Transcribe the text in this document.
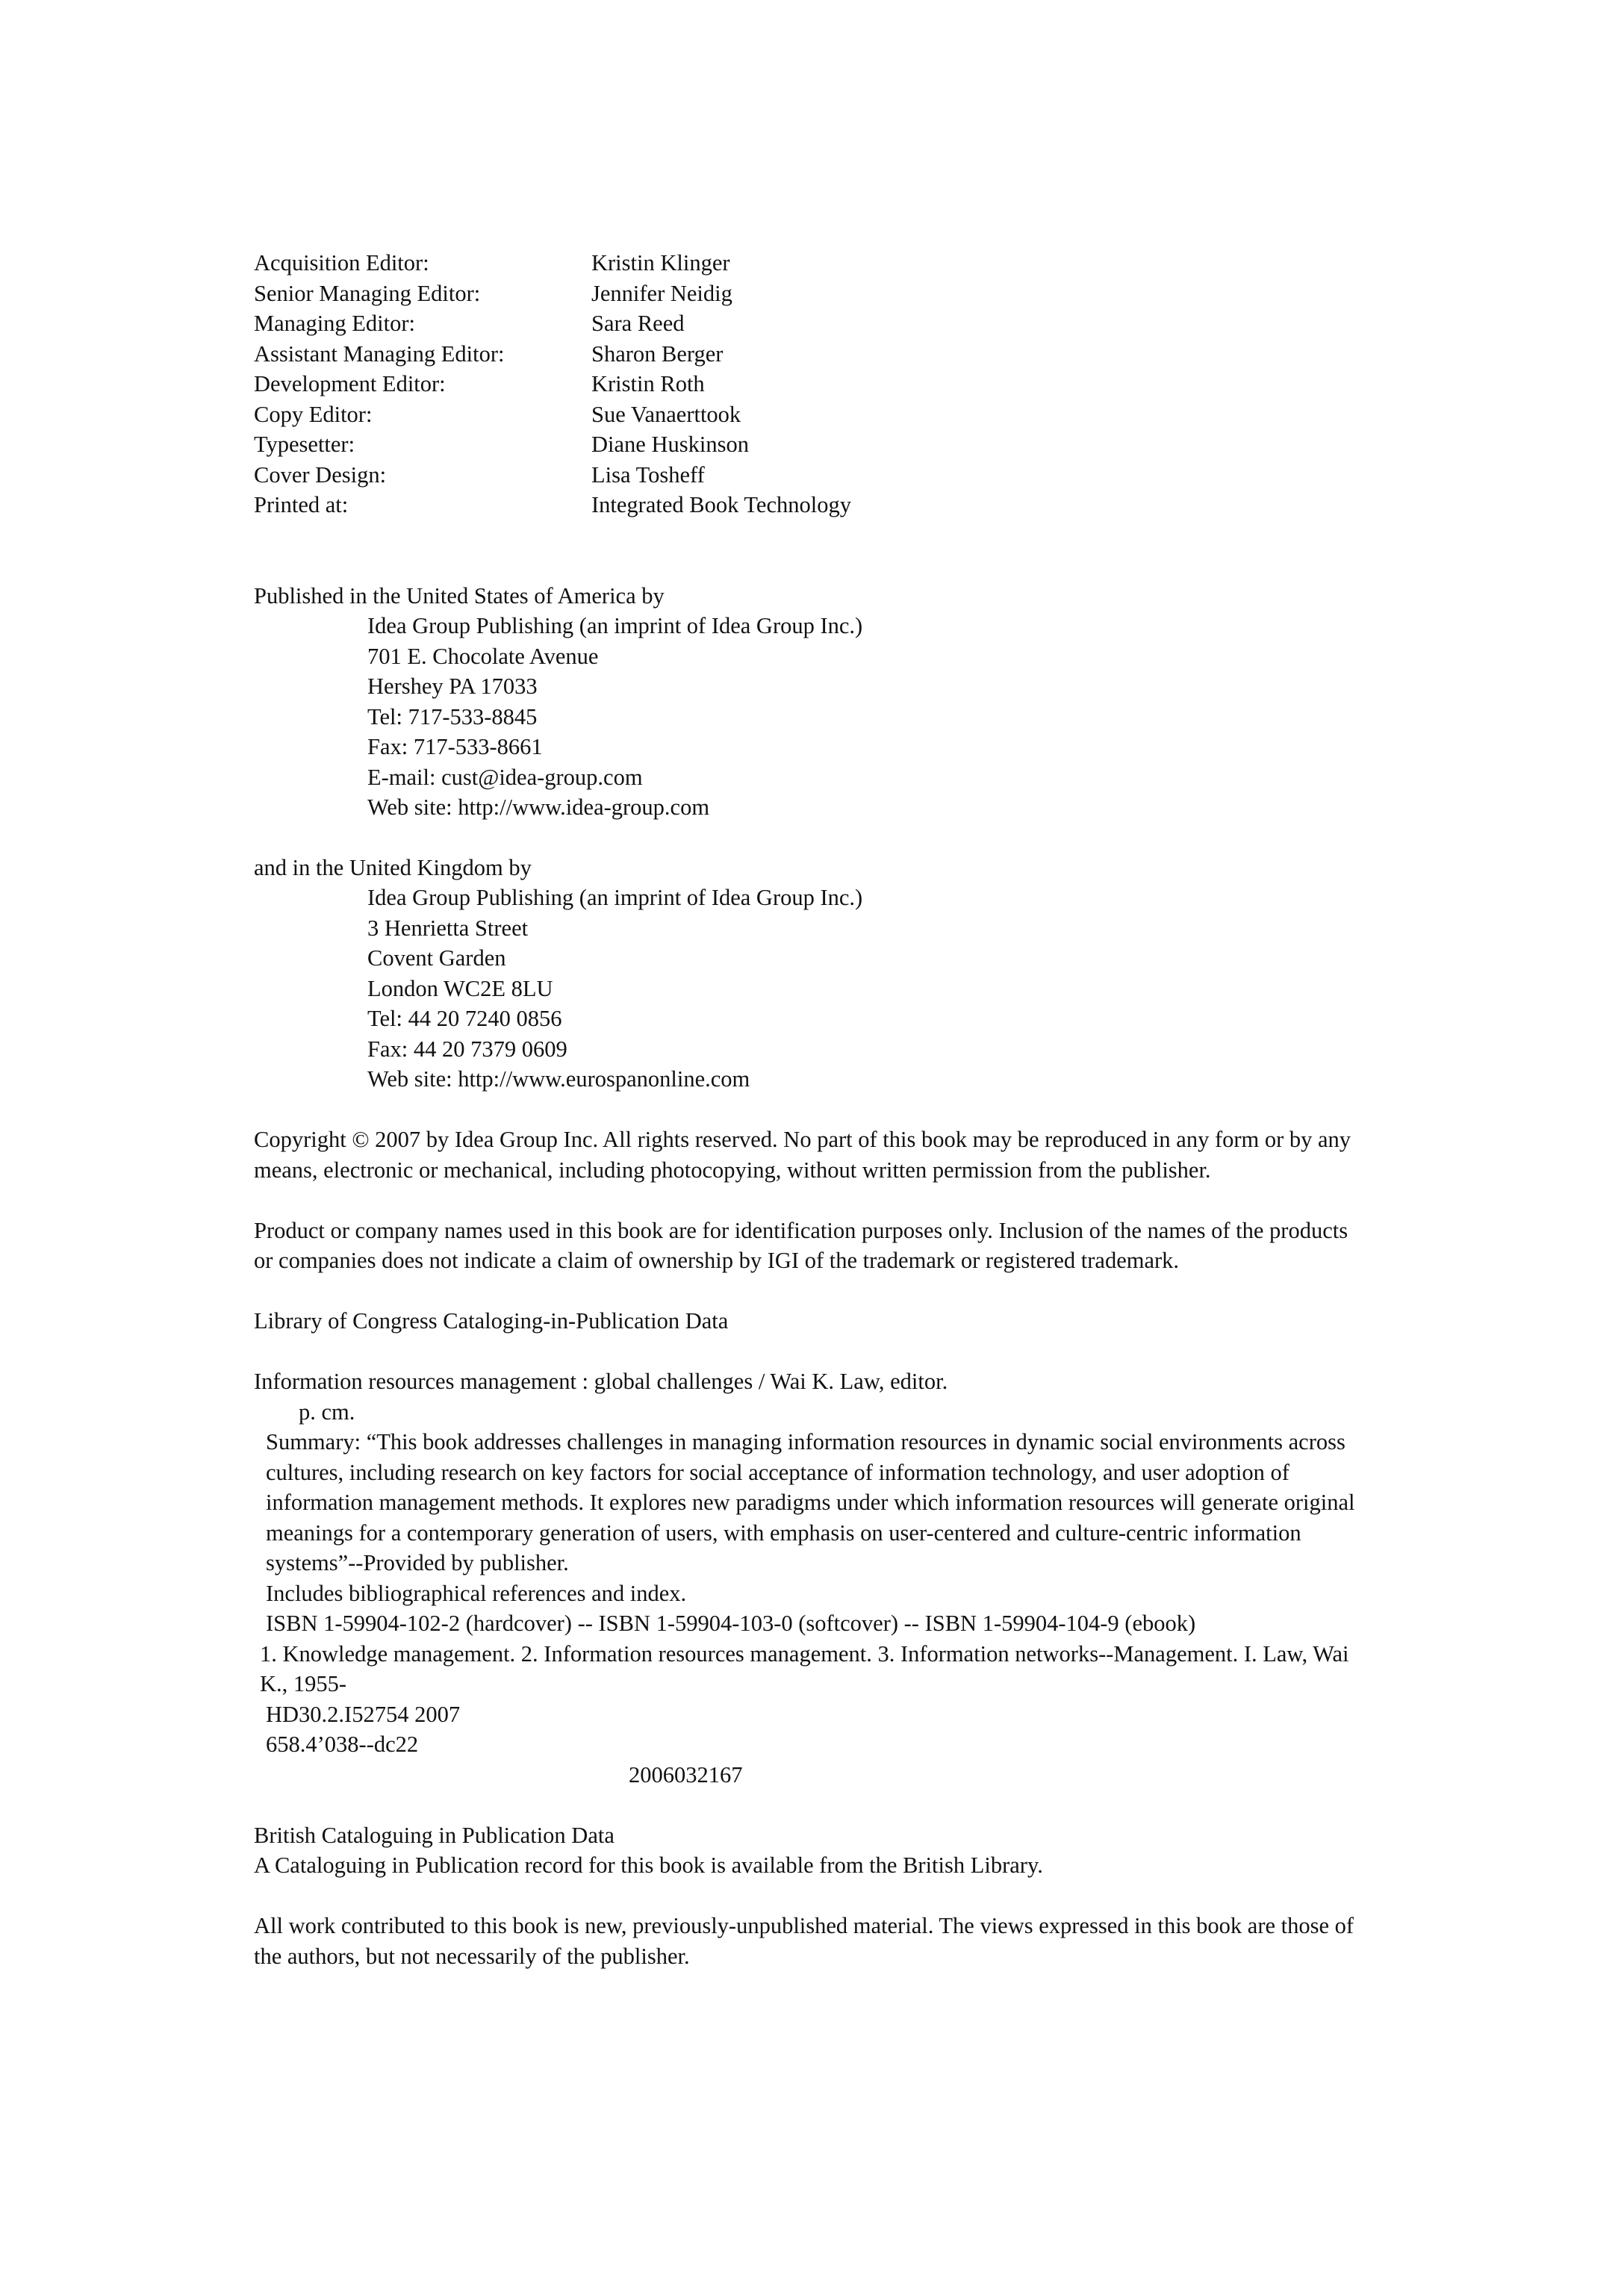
Acquisition Editor:	Kristin Klinger
Senior Managing Editor:	Jennifer Neidig
Managing Editor:	Sara Reed
Assistant Managing Editor:	Sharon Berger
Development Editor:	Kristin Roth
Copy Editor:	Sue Vanaerttook
Typesetter:	Diane Huskinson
Cover Design:	Lisa Tosheff
Printed at:	Integrated Book Technology
Published in the United States of America by
Idea Group Publishing (an imprint of Idea Group Inc.)
701 E. Chocolate Avenue
Hershey PA 17033
Tel: 717-533-8845
Fax: 717-533-8661
E-mail: cust@idea-group.com
Web site: http://www.idea-group.com
and in the United Kingdom by
Idea Group Publishing (an imprint of Idea Group Inc.)
3 Henrietta Street
Covent Garden
London WC2E 8LU
Tel: 44 20 7240 0856
Fax: 44 20 7379 0609
Web site: http://www.eurospanonline.com
Copyright © 2007 by Idea Group Inc. All rights reserved. No part of this book may be reproduced in any form or by any means, electronic or mechanical, including photocopying, without written permission from the publisher.
Product or company names used in this book are for identification purposes only. Inclusion of the names of the products or companies does not indicate a claim of ownership by IGI of the trademark or registered trademark.
Library of Congress Cataloging-in-Publication Data
Information resources management : global challenges / Wai K. Law, editor.
p. cm.
Summary: “This book addresses challenges in managing information resources in dynamic social environments across cultures, including research on key factors for social acceptance of information technology, and user adoption of information management methods. It explores new paradigms under which information resources will generate original meanings for a contemporary generation of users, with emphasis on user-centered and culture-centric information systems”--Provided by publisher.
Includes bibliographical references and index.
ISBN 1-59904-102-2 (hardcover) -- ISBN 1-59904-103-0 (softcover) -- ISBN 1-59904-104-9 (ebook)
1. Knowledge management. 2. Information resources management. 3. Information networks--Management. I. Law, Wai K., 1955-
HD30.2.I52754 2007
658.4’038--dc22
2006032167
British Cataloguing in Publication Data
A Cataloguing in Publication record for this book is available from the British Library.
All work contributed to this book is new, previously-unpublished material. The views expressed in this book are those of the authors, but not necessarily of the publisher.
